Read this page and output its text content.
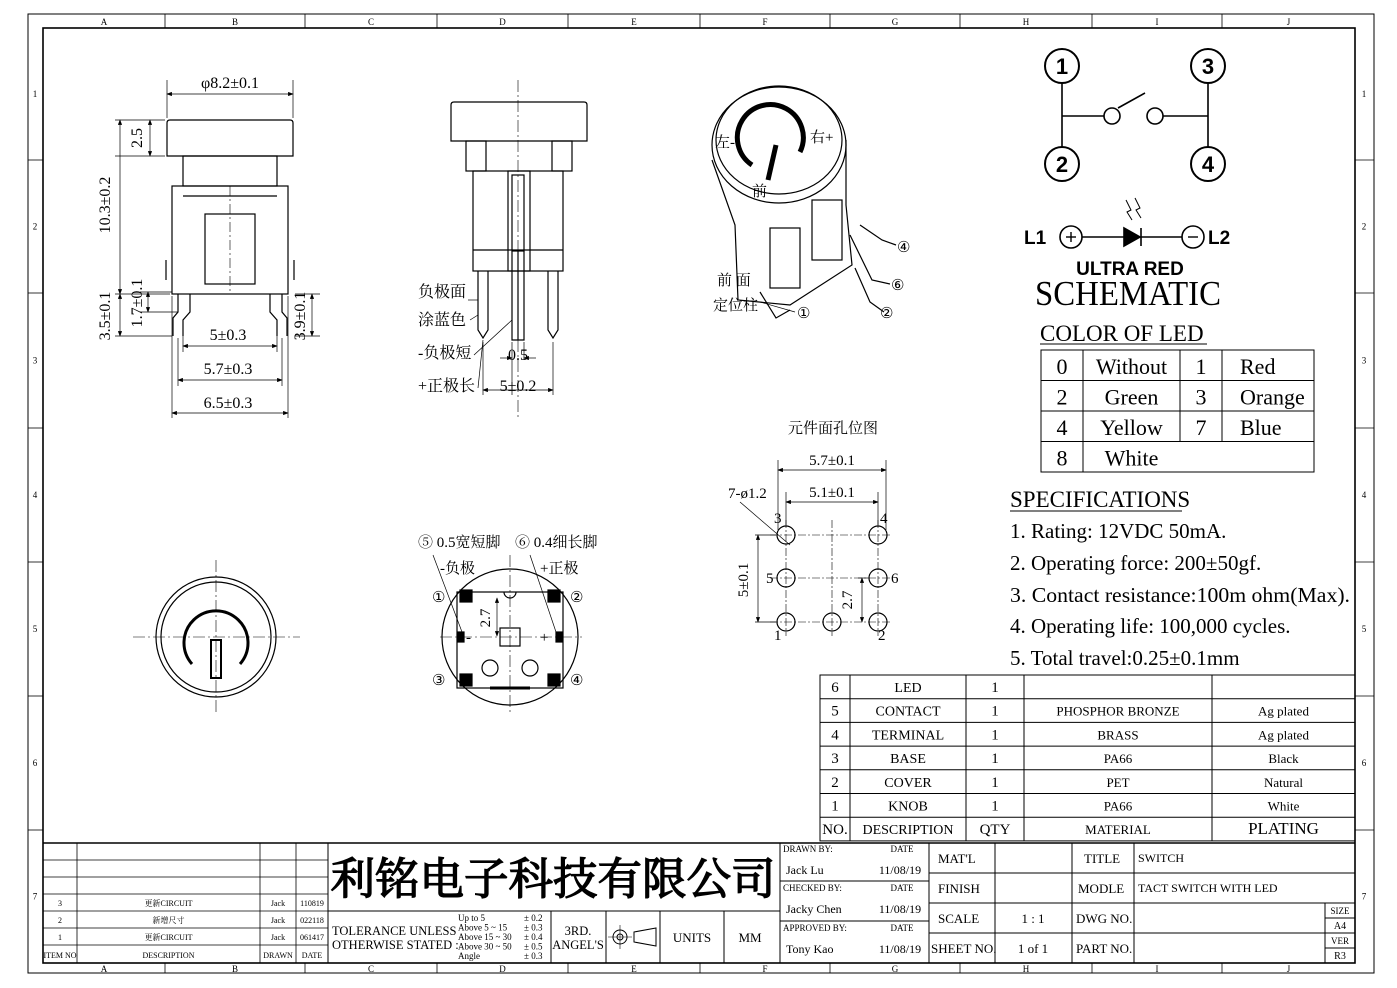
A
A
B
B
C
C
D
D
E
E
F
F
G
G
H
H
I
I
J
J
1	1
2	2
3	3
4	4
5	5
6	6
7	7
φ8.2±0.1
2.5
10.3±0.2
3.5±0.1 1.7±0.1	3.9±0.1
5±0.3
5.7±0.3
6.5±0.3
负极面
涂蓝色
-负极短
+正极长
0.5
5±0.2
左-	右+
前
前 面
定位柱
④
⑥
①	②
⑤ 0.5宽短脚
-负极
⑥ 0.4细长脚
+正极
2.7
①	②
③	④
-	+
元件面孔位图
5.7±0.1
5.1±0.1
7-ø1.2
5±0.1
2.7
3	4
5	6
1	2
1	3
2	4
L1	L2
ULTRA RED
SCHEMATIC
COLOR OF LED
0 Without 1 Red
2 Green 3 Orange
4 Yellow 7 Blue
8 White
SPECIFICATIONS
1. Rating: 12VDC 50mA.
2. Operating force: 200±50gf.
3. Contact resistance:100m ohm(Max).
4. Operating life: 100,000 cycles.
5. Total travel:0.25±0.1mm
6	LED	1
5	CONTACT	1	PHOSPHOR BRONZE	Ag plated
4 TERMINAL	1	BRASS	Ag plated
3	BASE	1	PA66	Black
2	COVER	1	PET	Natural
1	KNOB	1	PA66	White
NO. DESCRIPTION QTY	MATERIAL	PLATING
3	更新CIRCUIT	Jack 110819
2	新增尺寸	Jack 022118
1	更新CIRCUIT	Jack 061417
ITEM NO	DESCRIPTION	DRAWN DATE
利铭电子科技有限公司
TOLERANCE UNLESS
OTHERWISE STATED :
Up to 5
Above 5 ~ 15
Above 15 ~ 30
Above 30 ~ 50
Angle
± 0.2
± 0.3
± 0.4
± 0.5
± 0.3
3RD.
ANGEL'S	UNITS MM
DRAWN BY:	DATE
Jack Lu	11/08/19
CHECKED BY:	DATE
Jacky Chen	11/08/19
APPROVED BY:	DATE
Tony Kao	11/08/19
MAT'L
FINISH
SCALE	1 : 1
SHEET NO. 1 of 1
TITLE SWITCH
MODLE TACT SWITCH WITH LED
DWG NO.
PART NO.
SIZE
A4
VER
R3
